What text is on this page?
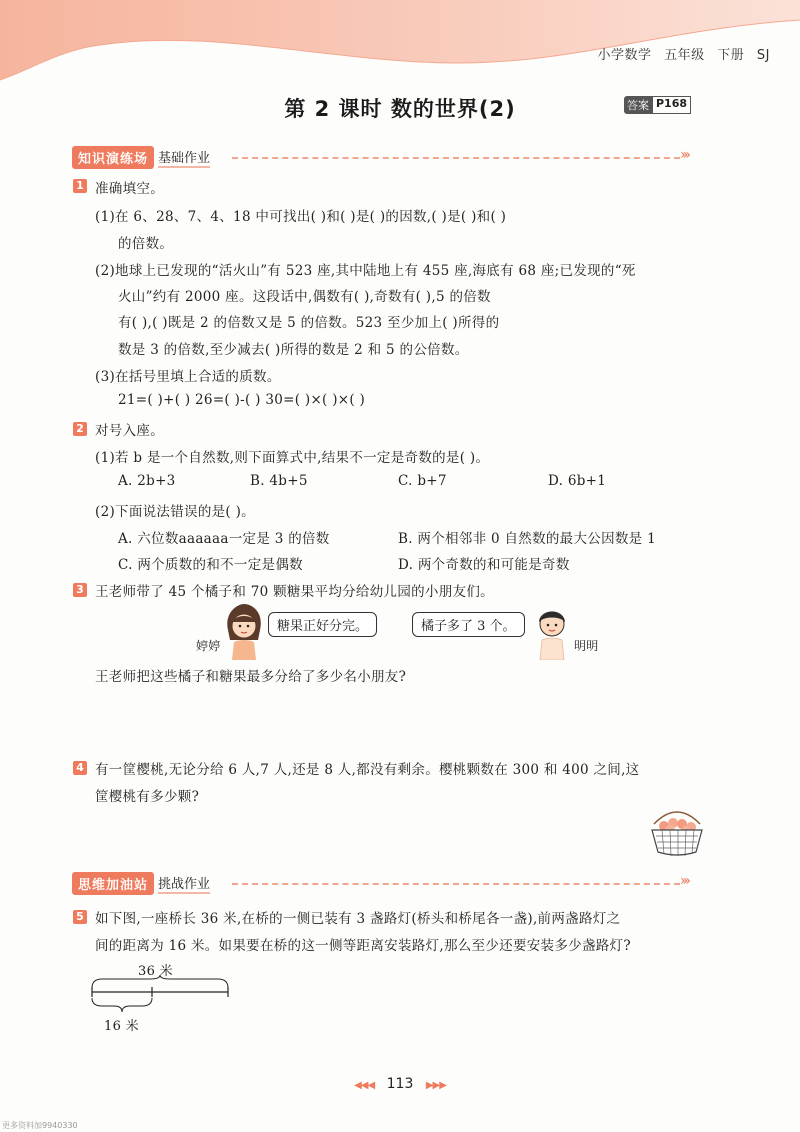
小学数学 五年级 下册 SJ
第 2 课时 数的世界(2)	答案 P168
知识演练场 基础作业	›››
1 准确填空。
(1)在 6、28、7、4、18 中可找出( )和( )是( )的因数,( )是( )和( )
的倍数。
(2)地球上已发现的“活火山”有 523 座,其中陆地上有 455 座,海底有 68 座;已发现的“死
火山”约有 2000 座。这段话中,偶数有( ),奇数有( ),5 的倍数
有( ),( )既是 2 的倍数又是 5 的倍数。523 至少加上( )所得的
数是 3 的倍数,至少减去( )所得的数是 2 和 5 的公倍数。
(3)在括号里填上合适的质数。
21=( )+( ) 26=( )-( ) 30=( )×( )×( )
2 对号入座。
(1)若 b 是一个自然数,则下面算式中,结果不一定是奇数的是( )。
A. 2b+3	B. 4b+5	C. b+7	D. 6b+1
(2)下面说法错误的是( )。
A. 六位数aaaaaa一定是 3 的倍数	B. 两个相邻非 0 自然数的最大公因数是 1
C. 两个质数的和不一定是偶数	D. 两个奇数的和可能是奇数
3 王老师带了 45 个橘子和 70 颗糖果平均分给幼儿园的小朋友们。
婷婷
糖果正好分完。	橘子多了 3 个。
明明
王老师把这些橘子和糖果最多分给了多少名小朋友?
4 有一筐樱桃,无论分给 6 人,7 人,还是 8 人,都没有剩余。樱桃颗数在 300 和 400 之间,这
筐樱桃有多少颗?
思维加油站 挑战作业	›››
5 如下图,一座桥长 36 米,在桥的一侧已装有 3 盏路灯(桥头和桥尾各一盏),前两盏路灯之
间的距离为 16 米。如果要在桥的这一侧等距离安装路灯,那么至少还要安装多少盏路灯?
36 米
16 米
◀◀◀ 113 ▶▶▶
更多资料加9940330
